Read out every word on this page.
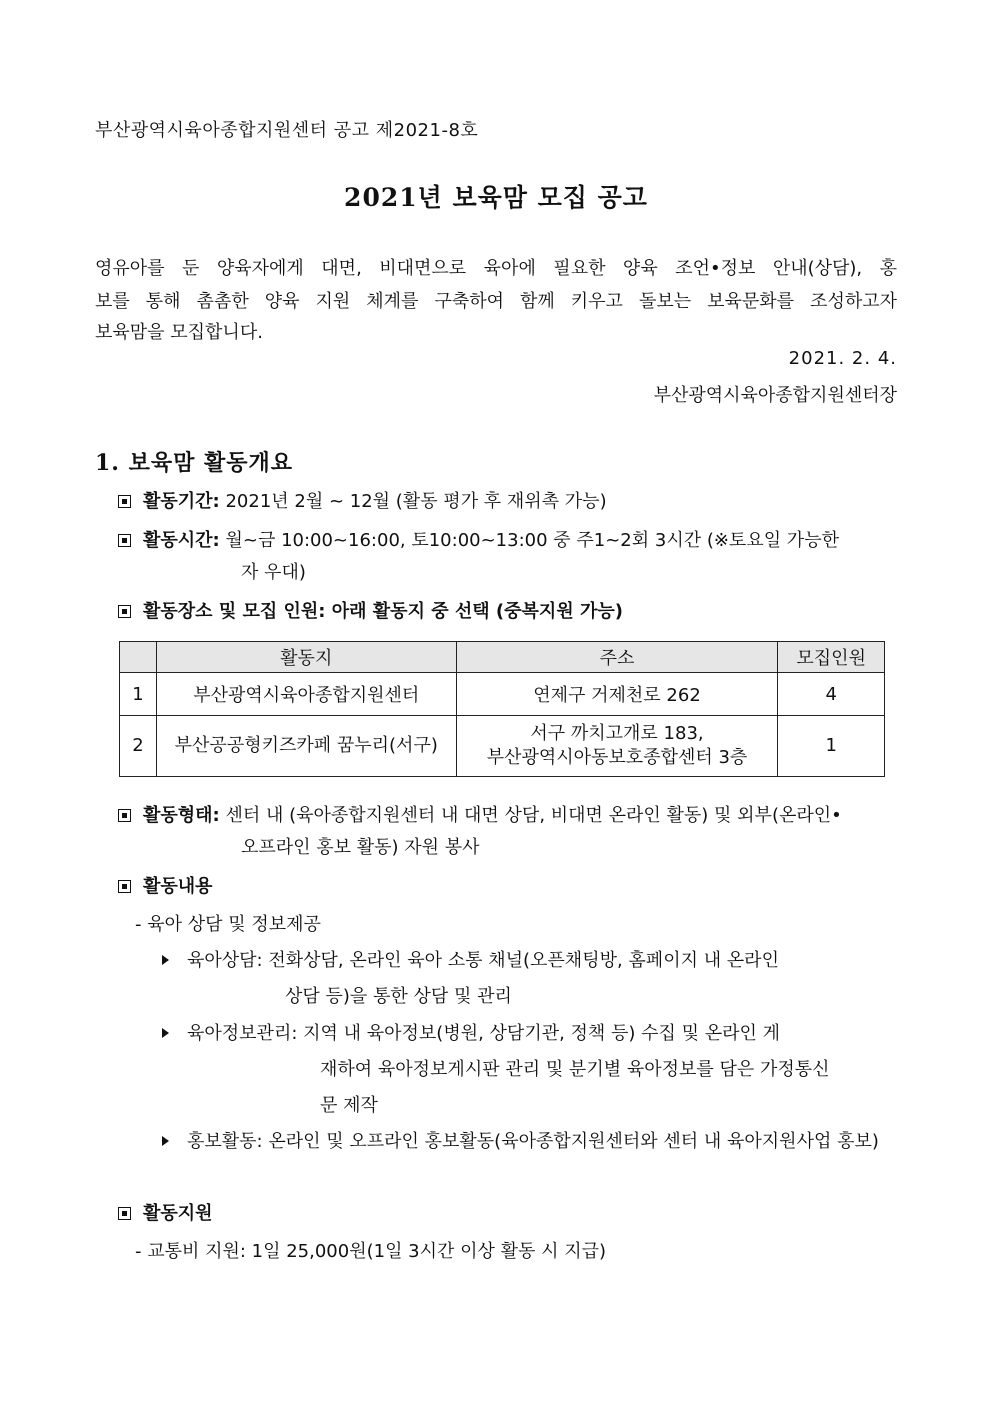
부산광역시육아종합지원센터 공고 제2021-8호
2021년 보육맘 모집 공고
영유아를 둔 양육자에게 대면, 비대면으로 육아에 필요한 양육 조언•정보 안내(상담), 홍
보를 통해 촘촘한 양육 지원 체계를 구축하여 함께 키우고 돌보는 보육문화를 조성하고자
보육맘을 모집합니다.
2021. 2. 4.
부산광역시육아종합지원센터장
1. 보육맘 활동개요
활동기간: 2021년 2월 ~ 12월 (활동 평가 후 재위촉 가능)
활동시간: 월~금 10:00~16:00, 토10:00~13:00 중 주1~2회 3시간 (※토요일 가능한
자 우대)
활동장소 및 모집 인원: 아래 활동지 중 선택 (중복지원 가능)
	활동지	주소	모집인원
1	부산광역시육아종합지원센터	연제구 거제천로 262	4
2	부산공공형키즈카페 꿈누리(서구)	서구 까치고개로 183,
부산광역시아동보호종합센터 3층	1
활동형태: 센터 내 (육아종합지원센터 내 대면 상담, 비대면 온라인 활동) 및 외부(온라인•
오프라인 홍보 활동) 자원 봉사
활동내용
- 육아 상담 및 정보제공
육아상담: 전화상담, 온라인 육아 소통 채널(오픈채팅방, 홈페이지 내 온라인
상담 등)을 통한 상담 및 관리
육아정보관리: 지역 내 육아정보(병원, 상담기관, 정책 등) 수집 및 온라인 게
재하여 육아정보게시판 관리 및 분기별 육아정보를 담은 가정통신
문 제작
홍보활동: 온라인 및 오프라인 홍보활동(육아종합지원센터와 센터 내 육아지원사업 홍보)
활동지원
- 교통비 지원: 1일 25,000원(1일 3시간 이상 활동 시 지급)
